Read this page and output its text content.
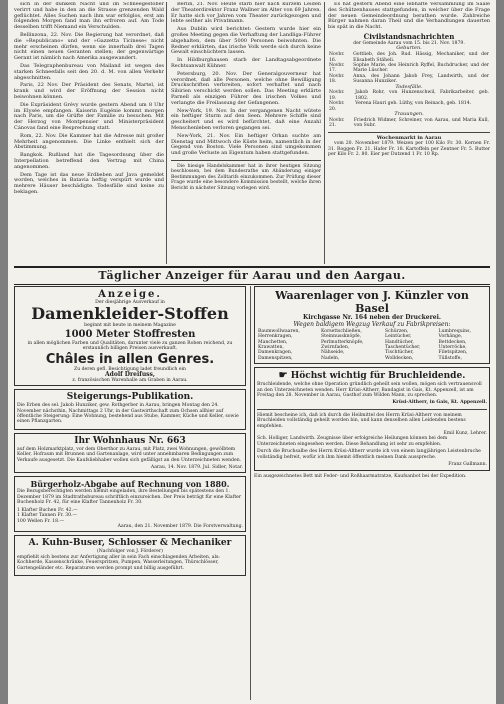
sich in der dunkeln Nacht und im Schneegestöber verirrt und habe in den an die Strasse grenzenden Wald geflüchtet. Alles Suchen nach ihm war erfolglos, erst am folgenden Morgen fand man ihn erfroren auf. Am Tode desselben trifft Niemand ein Verschulden.

Bellinzona, 22. Nov. Die Regierung hat verordnet, daß die »Republicano« und der »Gazzetta Ticinese« nicht mehr erscheinen dürfen, wenn sie innerhalb drei Tagen nicht einen neuen Geranten stellen; der gegenwärtige Gerant ist nämlich nach Amerika ausgewandert.

Das Telegraphenbureau von Mailand ist wegen des starken Schneefalls seit den 20. d. M. von allen Verkehr abgeschnitten.

Paris, 22 Nov. Der Präsident des Senats, Martel, ist krank und wird der Eröffnung der Session nicht beiwohnen können.

Die Expräsident Grévy wurde gestern Abend um 8 Uhr im Elysée empfangen. Kaiserin Eugénie kommt morgen nach Paris, um die Grüfte der Familie zu besuchen. Mit der Herzog von Montpensier und Ministerpräsident Cánovas fand eine Besprechung statt.

Rom, 22. Nov. Die Kammer hat die Adresse mit großer Mehrheit angenommen. Die Linke enthielt sich der Abstimmung.

Bangkok. Rußland hat die Tagesordnung über die Interpellation betreffend den Vertrag mit China angenommen.

Dem Tage ist das neue Erdbeben auf Java gemeldet worden, welches in Batavia heftig verspürt wurde und mehrere Häuser beschädigte. Todesfälle sind keine zu beklagen.

Berlin, 21. Nov. Heute starb hier nach kurzem Leiden der Theaterdirektor Franz Wallner im Alter von 69 Jahren. Er hatte sich vor Jahren vom Theater zurückgezogen und lebte seither als Privatmann.

Aus Dublin wird berichtet: Gestern wurde hier ein großes Meeting gegen die Verhaftung der Landliga-Führer abgehalten, dem über 5000 Personen beiwohnten. Die Redner erklärten, das irische Volk werde sich durch keine Gewalt einschüchtern lassen.

In Hildburghausen starb der Landtagsabgeordnete Rechtsanwalt Kühner.

Petersburg, 20. Nov. Der Generalgouverneur hat verordnet, daß alle Personen, welche ohne Bewilligung Druckschriften verbreiten, sofort verhaftet und nach Sibirien verschickt werden sollen. Das Meeting erklärte Parnell als einzigen Führer des irischen Volkes und verlangte die Freilassung der Gefangenen.

New-York, 19. Nov. In der vergangenen Nacht wütete ein heftiger Sturm auf den Seen. Mehrere Schiffe sind gescheitert und es wird befürchtet, daß eine Anzahl Menschenleben verloren gegangen sei.

New-York, 21. Nov. Ein heftiger Orkan suchte am Dienstag und Mittwoch die Küste heim, namentlich in der Gegend von Boston. Viele Personen sind umgekommen und große Verluste an Eigentum haben stattgefunden.

Die hiesige Handelskammer hat in ihrer heutigen Sitzung beschlossen, bei dem Bundesrathe um Abänderung einiger Bestimmungen des Zolltarifs einzukommen. Zur Prüfung dieser Frage wurde eine besondere Kommission bestellt, welche ihren Bericht in nächster Sitzung vorlegen wird.

Es hat gestern Abend eine lebhafte Versammlung im Saale des Schützenhauses stattgefunden, in welcher über die Frage der neuen Gemeindeordnung berathen wurde. Zahlreiche Bürger nahmen daran Theil und die Verhandlungen dauerten bis spät in die Nacht.

Civilstandsnachrichten
der Gemeinde Aarau vom 15. bis 21. Nov. 1879.
Geburten.
Novbr. 16.	Gottlieb, des Joh. Rud. Hässig, Mechaniker, und der Elisabeth Stäheli.
Novbr. 17.	Sophie Marie, des Heinrich Ryffel, Buchdrucker, und der Marie Lüscher.
Novbr. 18.	Anna, des Johann Jakob Frey, Landwirth, und der Susanna Hunziker.
Todesfälle.
Novbr. 19.	Jakob Rohr, von Hunzenschwil, Fabrikarbeiter, geb. 1802.
Novbr. 20.	Verena Hauri geb. Lüthy, von Reinach, geb. 1814.
Trauungen.
Novbr. 21.	Friedrich Widmer, Schreiner, von Aarau, und Maria Kull, von Suhr.
Wochenmarkt in Aarau

vom 20. November 1879. Weizen per 100 Kilo Fr. 30. Kernen Fr. 31. Roggen Fr. 21. Hafer Fr. 18. Kartoffeln per Zentner Fr. 5. Butter per Kilo Fr. 2. 80. Eier per Dutzend 1 Fr. 10 Rp.

Täglicher Anzeiger für Aarau und den Aargau.
Anzeige.
Der diesjährige Ausverkauf in
Damenkleider-Stoffen
beginnt mit heute in meinem Magazine
1000 Meter Stoffresten
in allen möglichen Farben und Qualitäten, darunter viele zu ganzen Roben reichend, zu erstaunlich billigen Preisen ausverkauft.
Châles in allen Genres.
Zu deren gefl. Besichtigung ladet freundlich ein
Adolf Dreifuss,
z. französischen Warenhalle am Graben in Aarau.
Steigerungs-Publikation.

Die Erben des sel. Jakob Hunziker, gew. Rothgerber in Aarau, bringen Montag den 24. November nächsthin, Nachmittags 2 Uhr, in der Gastwirthschaft zum Ochsen allhier auf öffentliche Steigerung: Eine Wohnung, bestehend aus Stube, Kammer, Küche und Keller, sowie einen Pflanzgarten.

Ihr Wohnhaus Nr. 663

auf dem Holzmarktplatz, vor dem Oberthor zu Aarau, mit Platz, zwei Wohnungen, gewölbtem Keller, Hofraum mit Brunnen und Gartenanlage, wird unter annehmbaren Bedingungen zum Verkaufe ausgesetzt. Die Kaufsliebhaber wollen sich gefälligst an den Unterzeichneten wenden.

Aarau, 14. Nov. 1879. Jul. Sidler, Notar.
Bürgerholz-Abgabe auf Rechnung von 1880.

Die Bezugsberechtigten werden hiemit eingeladen, ihre Bestellungen bis spätestens den 1. Dezember 1879 im Stadtrathsbureau schriftlich einzureichen. Der Preis beträgt für eine Klafter Buchenholz Fr. 42, für eine Klafter Tannenholz Fr. 30.

1 Klafter Buchen Fr. 42.—
1 Klafter Tannen Fr. 30.—
100 Wellen Fr. 18.—
Aarau, den 21. November 1879. Die Forstverwaltung.
A. Kuhn-Buser, Schlosser & Mechaniker
(Nachfolger von J. Förderer)

empfiehlt sich bestens zur Anfertigung aller in sein Fach einschlagenden Arbeiten, als: Kochherde, Kassenschränke, Feuerspritzen, Pumpen, Wasserleitungen, Thürschlösser, Gartengeländer etc. Reparaturen werden prompt und billig ausgeführt.

Waarenlager von J. Künzler von Basel
Kirchgasse Nr. 164 neben der Druckerei.
Wegen baldigem Wegzug Verkauf zu Fabrikpreisen:
Baumwollwaaren,	Korsettschließen,	Schürzen,	Lumbrequins,
Herrenkragen,	Steinnussknöpfe,	Leintücher,	Vorhänge,
Manchetten,	Perlmutterknöpfe,	Handtücher,	Bettdecken,
Krawatten,	Zwirnfaden,	Taschentücher,	Unterröcke,
Damenkragen,	Nähseide,	Tischtücher,	Filetspitzen,
Damenspitzen,	Nadeln,	Wolldecken,	Tüllstoffe,
☛ Höchst wichtig für Bruchleidende.

Bruchleidende, welche ohne Operation gründlich geheilt sein wollen, mögen sich vertrauensvoll an den Unterzeichneten wenden. Herr Krüsi-Altherr, Bandagist in Gais, Kt. Appenzell, ist am Freitag den 28. November in Aarau, Gasthof zum Wilden Mann, zu sprechen.

Krüsi-Altherr, in Gais, Kt. Appenzell.

Hiemit bescheine ich, daß ich durch die Heilmittel des Herrn Krüsi-Altherr von meinem Bruchleiden vollständig geheilt worden bin, und kann denselben allen Leidenden bestens empfehlen.

Emil Kunz, Lehrer.

Sch. Holliger, Landwirth. Zeugnisse über erfolgreiche Heilungen können bei dem Unterzeichneten eingesehen werden. Diese Behandlung ist sehr zu empfehlen.

Durch die Bruchsalbe des Herrn Krüsi-Altherr wurde ich von einem langjährigen Leistenbruche vollständig befreit, wofür ich ihm hiemit öffentlich meinen Dank ausspreche.

Franz Gallmann.
Ein ausgezeichnetes Bett mit Feder- und Roßhaarmatratze, Kaufsanbot bei der Expedition.
